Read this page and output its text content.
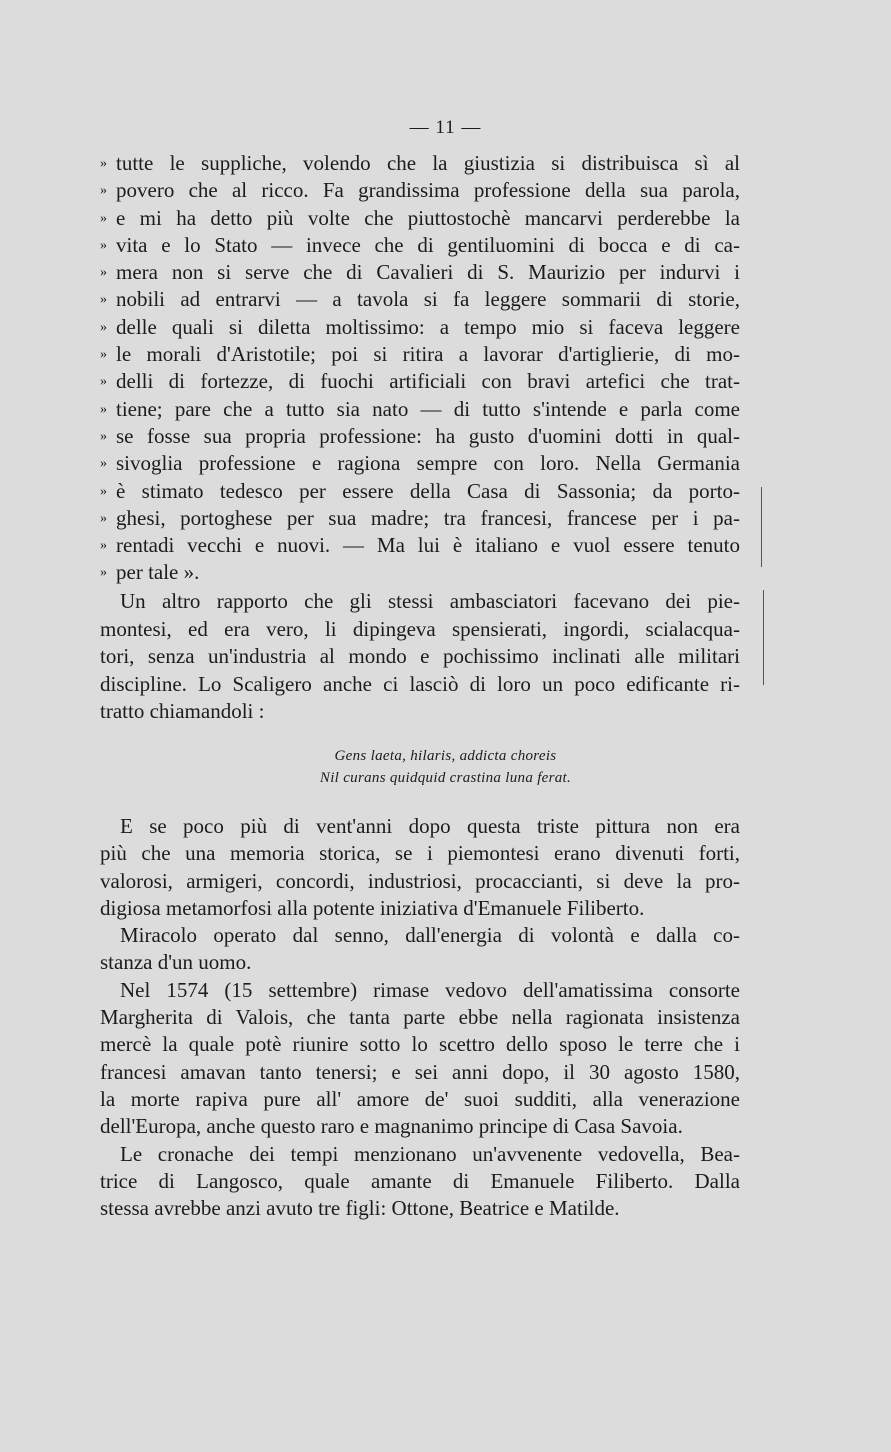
— 11 —
» tutte le suppliche, volendo che la giustizia si distribuisca sì al
» povero che al ricco. Fa grandissima professione della sua parola,
» e mi ha detto più volte che piuttostochè mancarvi perderebbe la
» vita e lo Stato — invece che di gentiluomini di bocca e di ca-
» mera non si serve che di Cavalieri di S. Maurizio per indurvi i
» nobili ad entrarvi — a tavola si fa leggere sommarii di storie,
» delle quali si diletta moltissimo: a tempo mio si faceva leggere
» le morali d'Aristotile; poi si ritira a lavorar d'artiglierie, di mo-
» delli di fortezze, di fuochi artificiali con bravi artefici che trat-
» tiene; pare che a tutto sia nato — di tutto s'intende e parla come
» se fosse sua propria professione: ha gusto d'uomini dotti in qual-
» sivoglia professione e ragiona sempre con loro. Nella Germania
» è stimato tedesco per essere della Casa di Sassonia; da porto-
» ghesi, portoghese per sua madre; tra francesi, francese per i pa-
» rentadi vecchi e nuovi. — Ma lui è italiano e vuol essere tenuto
» per tale ».
Un altro rapporto che gli stessi ambasciatori facevano dei pie-
montesi, ed era vero, li dipingeva spensierati, ingordi, scialacqua-
tori, senza un'industria al mondo e pochissimo inclinati alle militari
discipline. Lo Scaligero anche ci lasciò di loro un poco edificante ri-
tratto chiamandoli :
Gens laeta, hilaris, addicta choreis
Nil curans quidquid crastina luna ferat.
E se poco più di vent'anni dopo questa triste pittura non era
più che una memoria storica, se i piemontesi erano divenuti forti,
valorosi, armigeri, concordi, industriosi, procaccianti, si deve la pro-
digiosa metamorfosi alla potente iniziativa d'Emanuele Filiberto.
Miracolo operato dal senno, dall'energia di volontà e dalla co-
stanza d'un uomo.
Nel 1574 (15 settembre) rimase vedovo dell'amatissima consorte
Margherita di Valois, che tanta parte ebbe nella ragionata insistenza
mercè la quale potè riunire sotto lo scettro dello sposo le terre che i
francesi amavan tanto tenersi; e sei anni dopo, il 30 agosto 1580,
la morte rapiva pure all' amore de' suoi sudditi, alla venerazione
dell'Europa, anche questo raro e magnanimo principe di Casa Savoia.
Le cronache dei tempi menzionano un'avvenente vedovella, Bea-
trice di Langosco, quale amante di Emanuele Filiberto. Dalla
stessa avrebbe anzi avuto tre figli: Ottone, Beatrice e Matilde.
